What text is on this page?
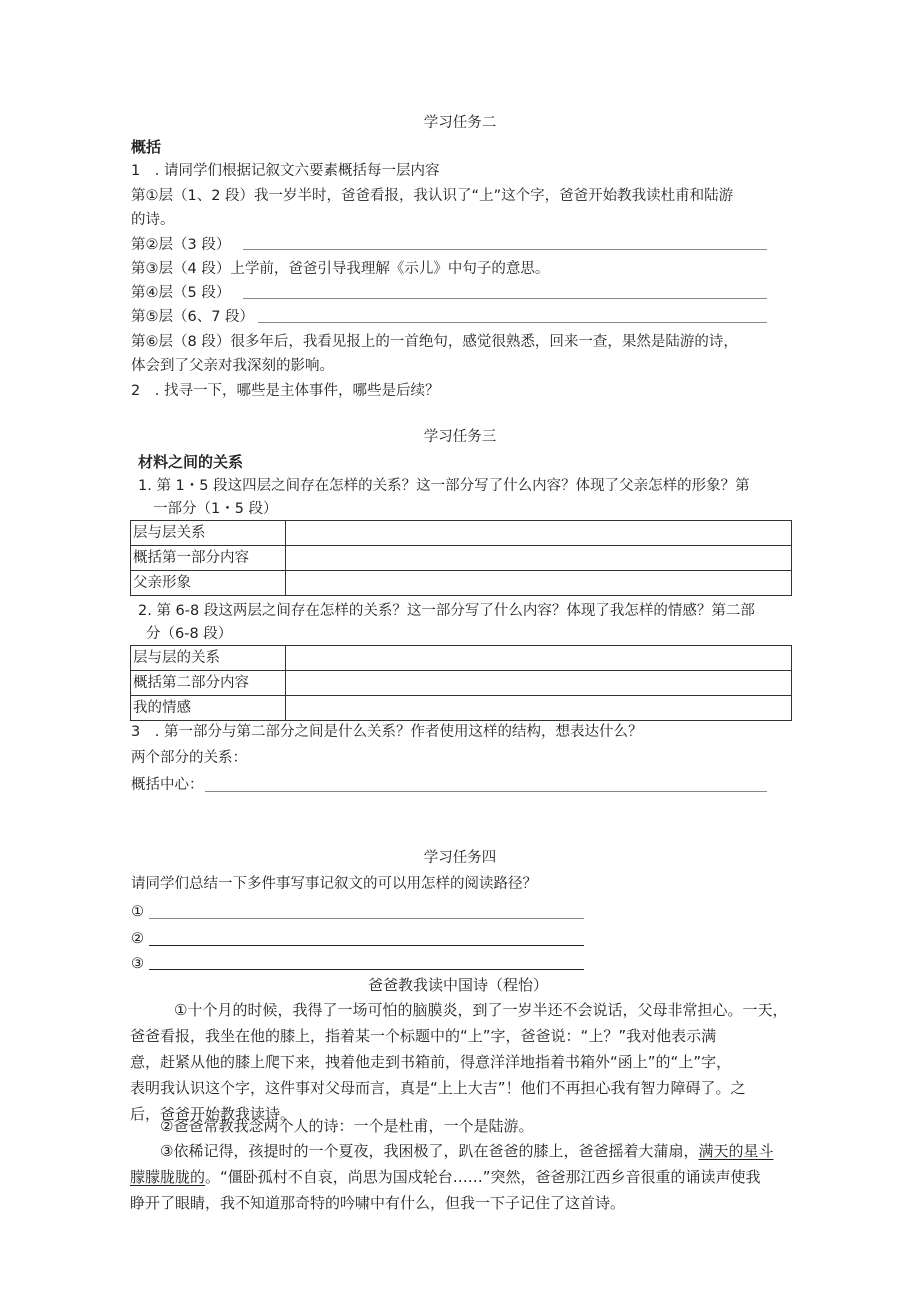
学习任务二
概括
1　. 请同学们根据记叙文六要素概括每一层内容
第①层（1、2 段）我一岁半时，爸爸看报，我认识了“上”这个字，爸爸开始教我读杜甫和陆游
的诗。
第②层（3 段）
第③层（4 段）上学前，爸爸引导我理解《示儿》中句子的意思。
第④层（5 段）
第⑤层（6、7 段）
第⑥层（8 段）很多年后，我看见报上的一首绝句，感觉很熟悉，回来一查，果然是陆游的诗，
体会到了父亲对我深刻的影响。
2　. 找寻一下，哪些是主体事件，哪些是后续？
学习任务三
材料之间的关系
1. 第 1・5 段这四层之间存在怎样的关系？这一部分写了什么内容？体现了父亲怎样的形象？第
一部分（1・5 段）
层与层关系	
概括第一部分内容	
父亲形象	
2. 第 6-8 段这两层之间存在怎样的关系？这一部分写了什么内容？体现了我怎样的情感？第二部
分（6-8 段）
层与层的关系	
概括第二部分内容	
我的情感	
3　. 第一部分与第二部分之间是什么关系？作者使用这样的结构，想表达什么？
两个部分的关系：
概括中心：
学习任务四
请同学们总结一下多件事写事记叙文的可以用怎样的阅读路径？
①
②
③
爸爸教我读中国诗（程怡）
①十个月的时候，我得了一场可怕的脑膜炎，到了一岁半还不会说话，父母非常担心。一天，
爸爸看报，我坐在他的膝上，指着某一个标题中的“上”字，爸爸说：“上？”我对他表示满
意，赶紧从他的膝上爬下来，拽着他走到书箱前，得意洋洋地指着书箱外“函上”的“上”字，
表明我认识这个字，这件事对父母而言，真是“上上大吉”！他们不再担心我有智力障碍了。之
后，爸爸开始教我读诗。
②爸爸常教我念两个人的诗：一个是杜甫，一个是陆游。
③依稀记得，孩提时的一个夏夜，我困极了，趴在爸爸的膝上，爸爸摇着大蒲扇，满天的星斗
朦朦胧胧的。“僵卧孤村不自哀，尚思为国戍轮台……”突然，爸爸那江西乡音很重的诵读声使我
睁开了眼睛，我不知道那奇特的吟啸中有什么，但我一下子记住了这首诗。
